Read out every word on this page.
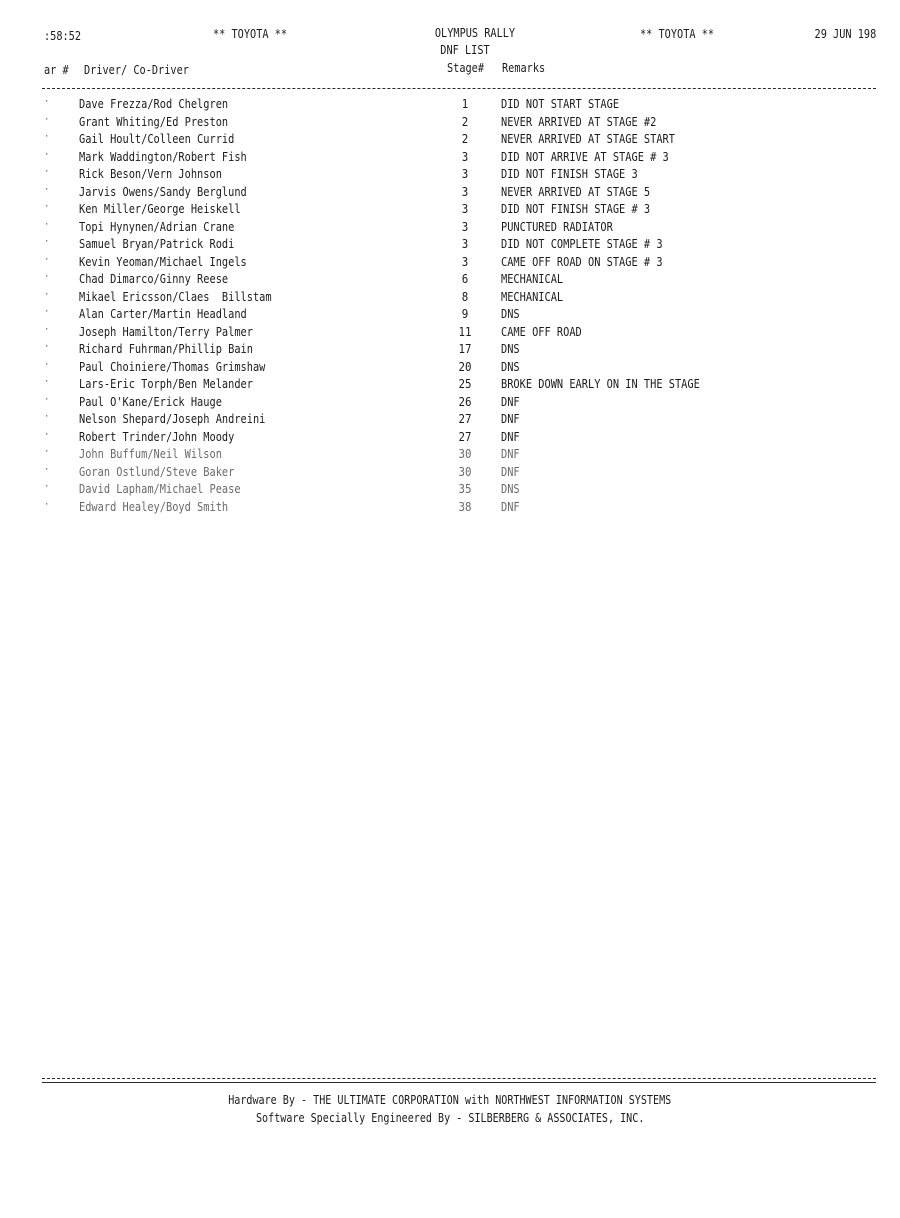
:58:52	** TOYOTA **	OLYMPUS RALLY	** TOYOTA **	29 JUN 198
DNF LIST
ar # Driver/ Co-Driver	Stage# Remarks
· Dave Frezza/Rod Chelgren	1	DID NOT START STAGE
· Grant Whiting/Ed Preston	2	NEVER ARRIVED AT STAGE #2
· Gail Hoult/Colleen Currid	2	NEVER ARRIVED AT STAGE START
· Mark Waddington/Robert Fish	3	DID NOT ARRIVE AT STAGE # 3
· Rick Beson/Vern Johnson	3	DID NOT FINISH STAGE 3
· Jarvis Owens/Sandy Berglund	3	NEVER ARRIVED AT STAGE 5
· Ken Miller/George Heiskell	3	DID NOT FINISH STAGE # 3
· Topi Hynynen/Adrian Crane	3	PUNCTURED RADIATOR
· Samuel Bryan/Patrick Rodi	3	DID NOT COMPLETE STAGE # 3
· Kevin Yeoman/Michael Ingels	3	CAME OFF ROAD ON STAGE # 3
· Chad Dimarco/Ginny Reese	6	MECHANICAL
· Mikael Ericsson/Claes  Billstam	8	MECHANICAL
· Alan Carter/Martin Headland	9	DNS
· Joseph Hamilton/Terry Palmer	11	CAME OFF ROAD
· Richard Fuhrman/Phillip Bain	17	DNS
· Paul Choiniere/Thomas Grimshaw	20	DNS
· Lars-Eric Torph/Ben Melander	25	BROKE DOWN EARLY ON IN THE STAGE
· Paul O'Kane/Erick Hauge	26	DNF
· Nelson Shepard/Joseph Andreini	27	DNF
· Robert Trinder/John Moody	27	DNF
· John Buffum/Neil Wilson	30	DNF
· Goran Ostlund/Steve Baker	30	DNF
· David Lapham/Michael Pease	35	DNS
· Edward Healey/Boyd Smith	38	DNF
Hardware By - THE ULTIMATE CORPORATION with NORTHWEST INFORMATION SYSTEMS
Software Specially Engineered By - SILBERBERG & ASSOCIATES, INC.
